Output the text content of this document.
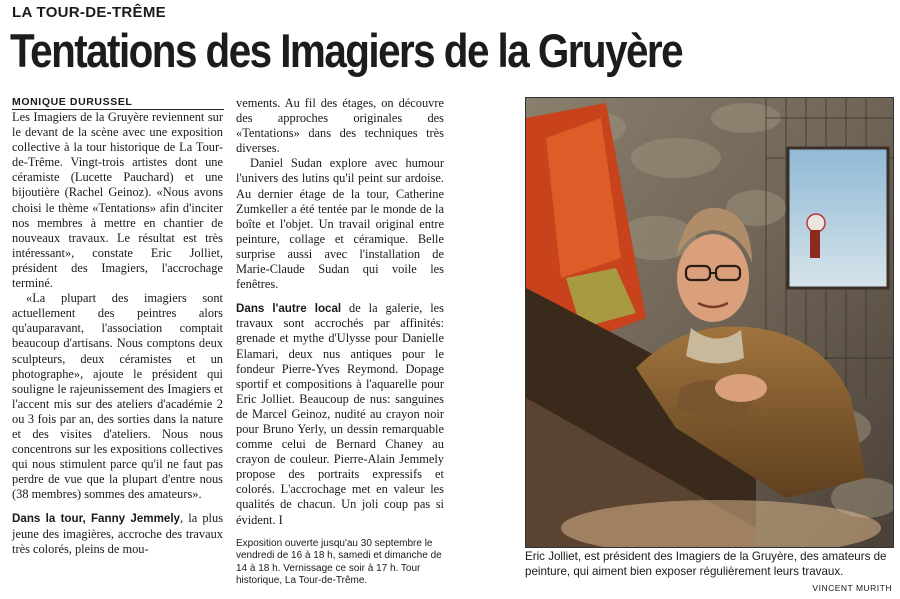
LA TOUR-DE-TRÊME
Tentations des Imagiers de la Gruyère
MONIQUE DURUSSEL

Les Imagiers de la Gruyère reviennent sur le devant de la scène avec une exposition collective à la tour historique de La Tour-de-Trême. Vingt-trois artistes dont une céramiste (Lucette Pauchard) et une bijoutière (Rachel Geinoz). «Nous avons choisi le thème «Tentations» afin d'inciter nos membres à mettre en chantier de nouveaux travaux. Le résultat est très intéressant», constate Eric Jolliet, président des Imagiers, l'accrochage terminé.

«La plupart des imagiers sont actuellement des peintres alors qu'auparavant, l'association comptait beaucoup d'artisans. Nous comptons deux sculpteurs, deux céramistes et un photographe», ajoute le président qui souligne le rajeunissement des Imagiers et l'accent mis sur des ateliers d'académie 2 ou 3 fois par an, des sorties dans la nature et des visites d'ateliers. Nous nous concentrons sur les expositions collectives qui nous stimulent parce qu'il ne faut pas perdre de vue que la plupart d'entre nous (38 membres) sommes des amateurs».

Dans la tour, Fanny Jemmely, la plus jeune des imagières, accroche des travaux très colorés, pleins de mou-

vements. Au fil des étages, on découvre des approches originales des «Tentations» dans des techniques très diverses.

Daniel Sudan explore avec humour l'univers des lutins qu'il peint sur ardoise. Au dernier étage de la tour, Catherine Zumkeller a été tentée par le monde de la boîte et l'objet. Un travail original entre peinture, collage et céramique. Belle surprise aussi avec l'installation de Marie-Claude Sudan qui voile les fenêtres.

Dans l'autre local de la galerie, les travaux sont accrochés par affinités: grenade et mythe d'Ulysse pour Danielle Elamari, deux nus antiques pour le fondeur Pierre-Yves Reymond. Dopage sportif et compositions à l'aquarelle pour Eric Jolliet. Beaucoup de nus: sanguines de Marcel Geinoz, nudité au crayon noir pour Bruno Yerly, un dessin remarquable comme celui de Bernard Chaney au crayon de couleur. Pierre-Alain Jemmely propose des portraits expressifs et colorés. L'accrochage met en valeur les qualités de chacun. Un joli coup pas si évident. I

Exposition ouverte jusqu'au 30 septembre le vendredi de 16 à 18 h, samedi et dimanche de 14 à 18 h. Vernissage ce soir à 17 h. Tour historique, La Tour-de-Trême.
Eric Jolliet, est président des Imagiers de la Gruyère, des amateurs de peinture, qui aiment bien exposer régulièrement leurs travaux.
VINCENT MURITH
